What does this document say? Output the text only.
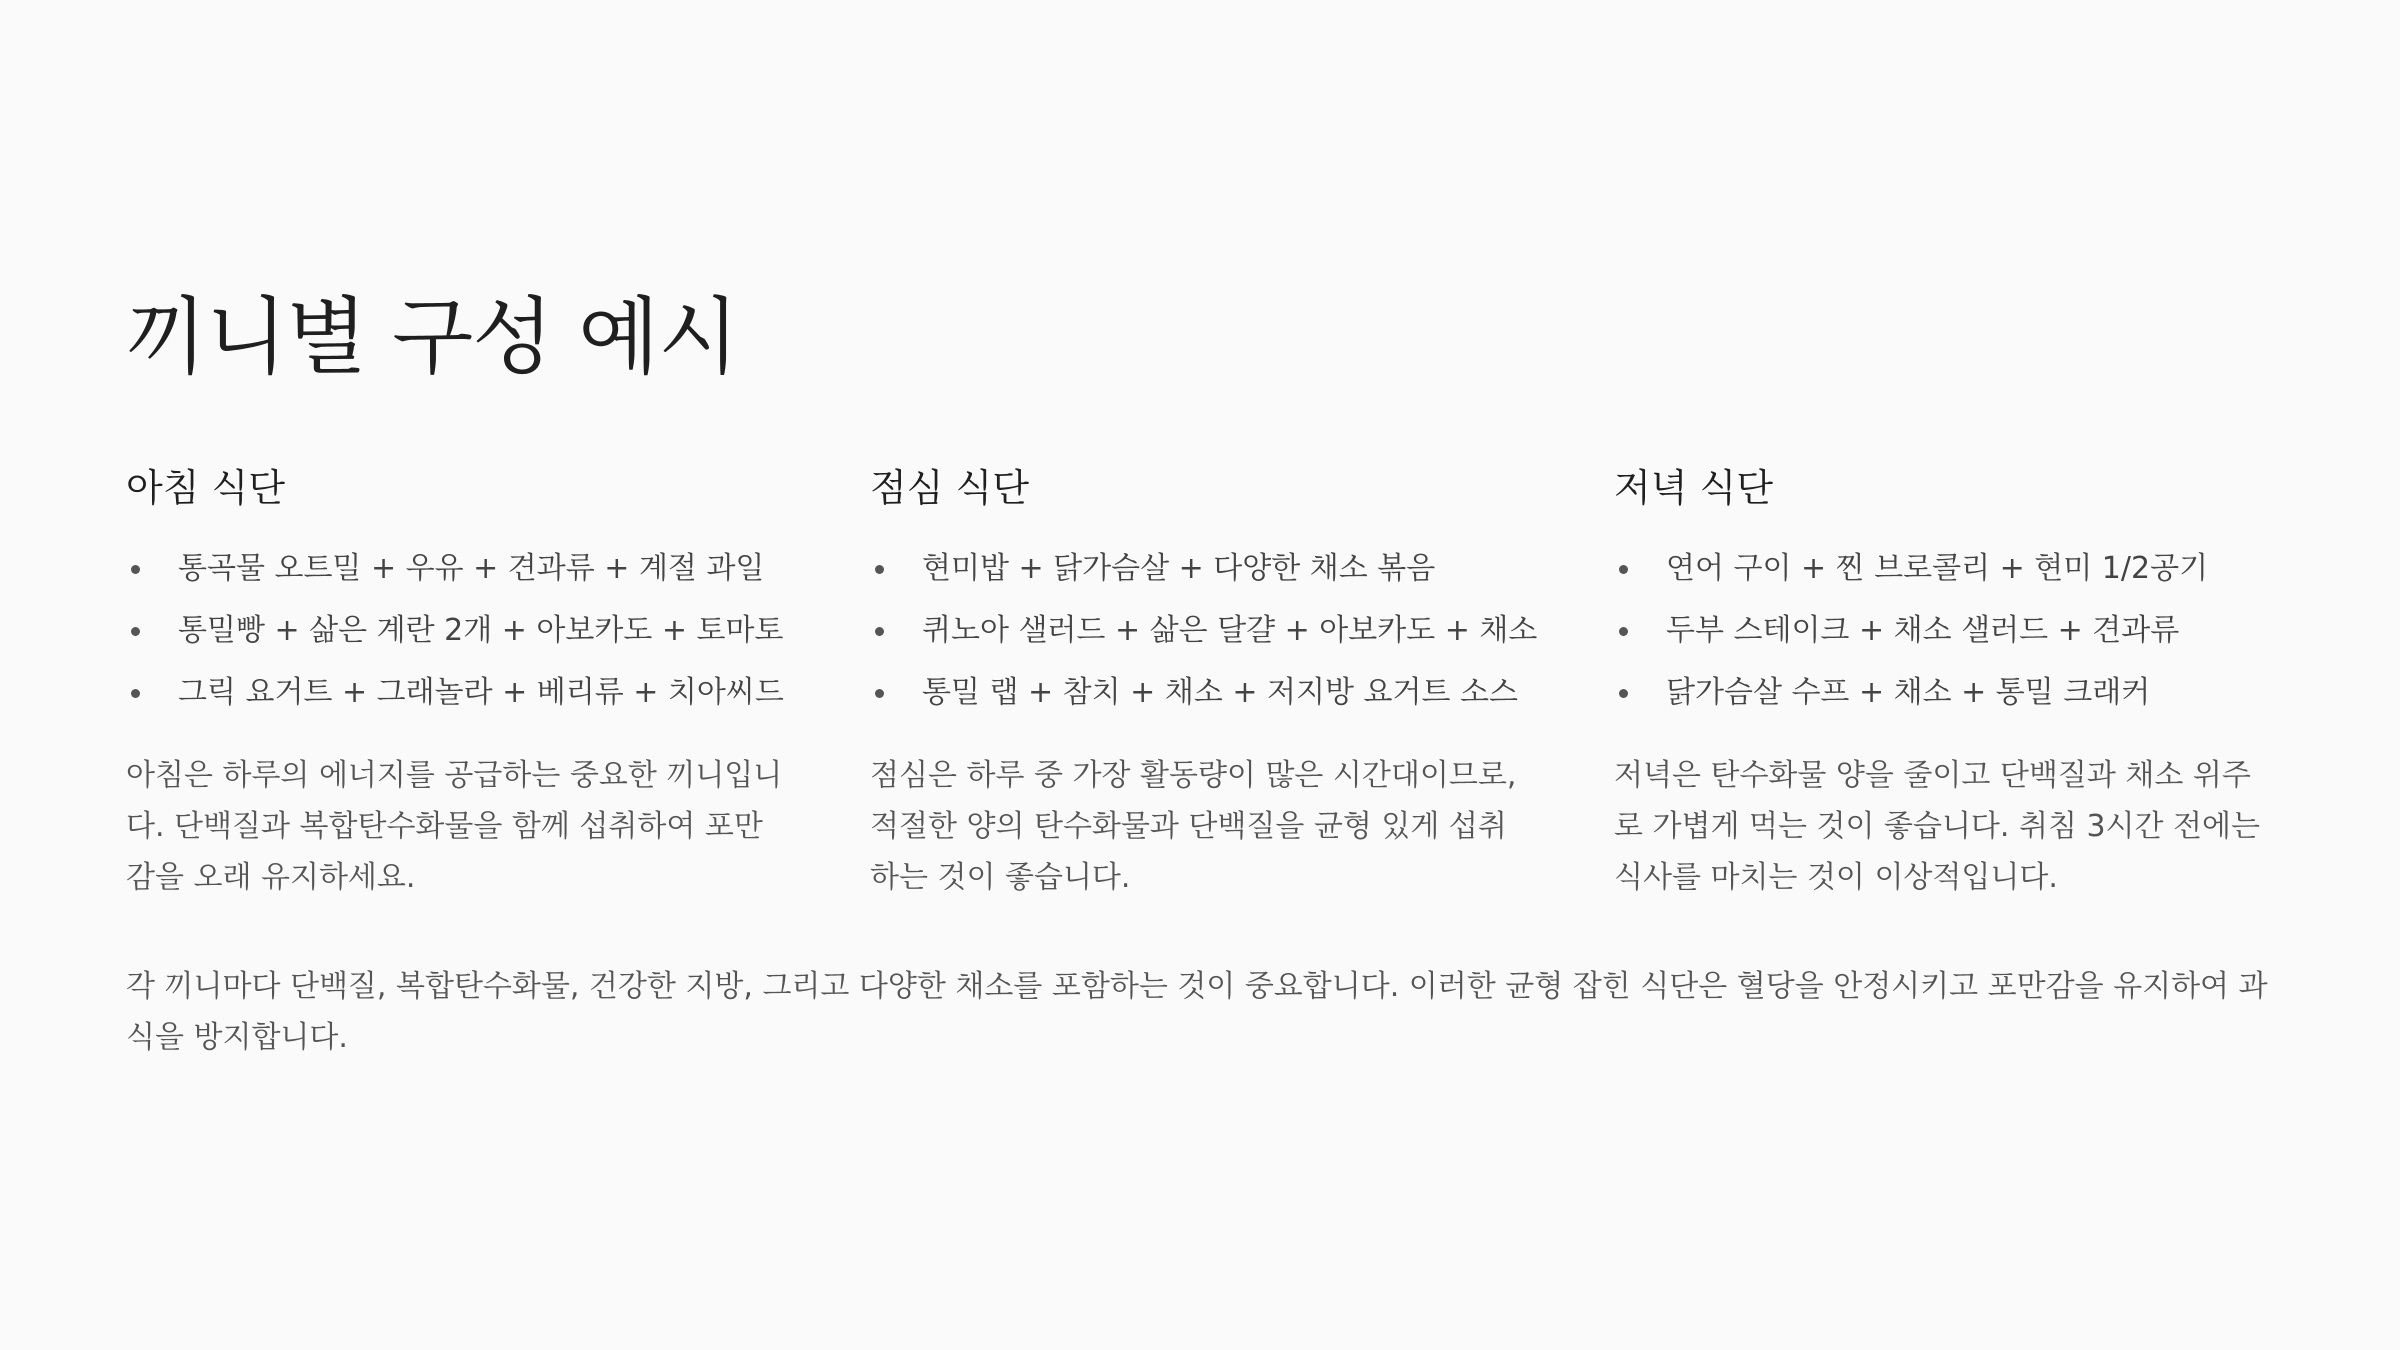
끼니별 구성 예시
아침 식단
통곡물 오트밀 + 우유 + 견과류 + 계절 과일
통밀빵 + 삶은 계란 2개 + 아보카도 + 토마토
그릭 요거트 + 그래놀라 + 베리류 + 치아씨드

아침은 하루의 에너지를 공급하는 중요한 끼니입니다. 단백질과 복합탄수화물을 함께 섭취하여 포만감을 오래 유지하세요.

점심 식단
현미밥 + 닭가슴살 + 다양한 채소 볶음
퀴노아 샐러드 + 삶은 달걀 + 아보카도 + 채소
통밀 랩 + 참치 + 채소 + 저지방 요거트 소스

점심은 하루 중 가장 활동량이 많은 시간대이므로, 적절한 양의 탄수화물과 단백질을 균형 있게 섭취하는 것이 좋습니다.

저녁 식단
연어 구이 + 찐 브로콜리 + 현미 1/2공기
두부 스테이크 + 채소 샐러드 + 견과류
닭가슴살 수프 + 채소 + 통밀 크래커

저녁은 탄수화물 양을 줄이고 단백질과 채소 위주로 가볍게 먹는 것이 좋습니다. 취침 3시간 전에는 식사를 마치는 것이 이상적입니다.

각 끼니마다 단백질, 복합탄수화물, 건강한 지방, 그리고 다양한 채소를 포함하는 것이 중요합니다. 이러한 균형 잡힌 식단은 혈당을 안정시키고 포만감을 유지하여 과식을 방지합니다.
